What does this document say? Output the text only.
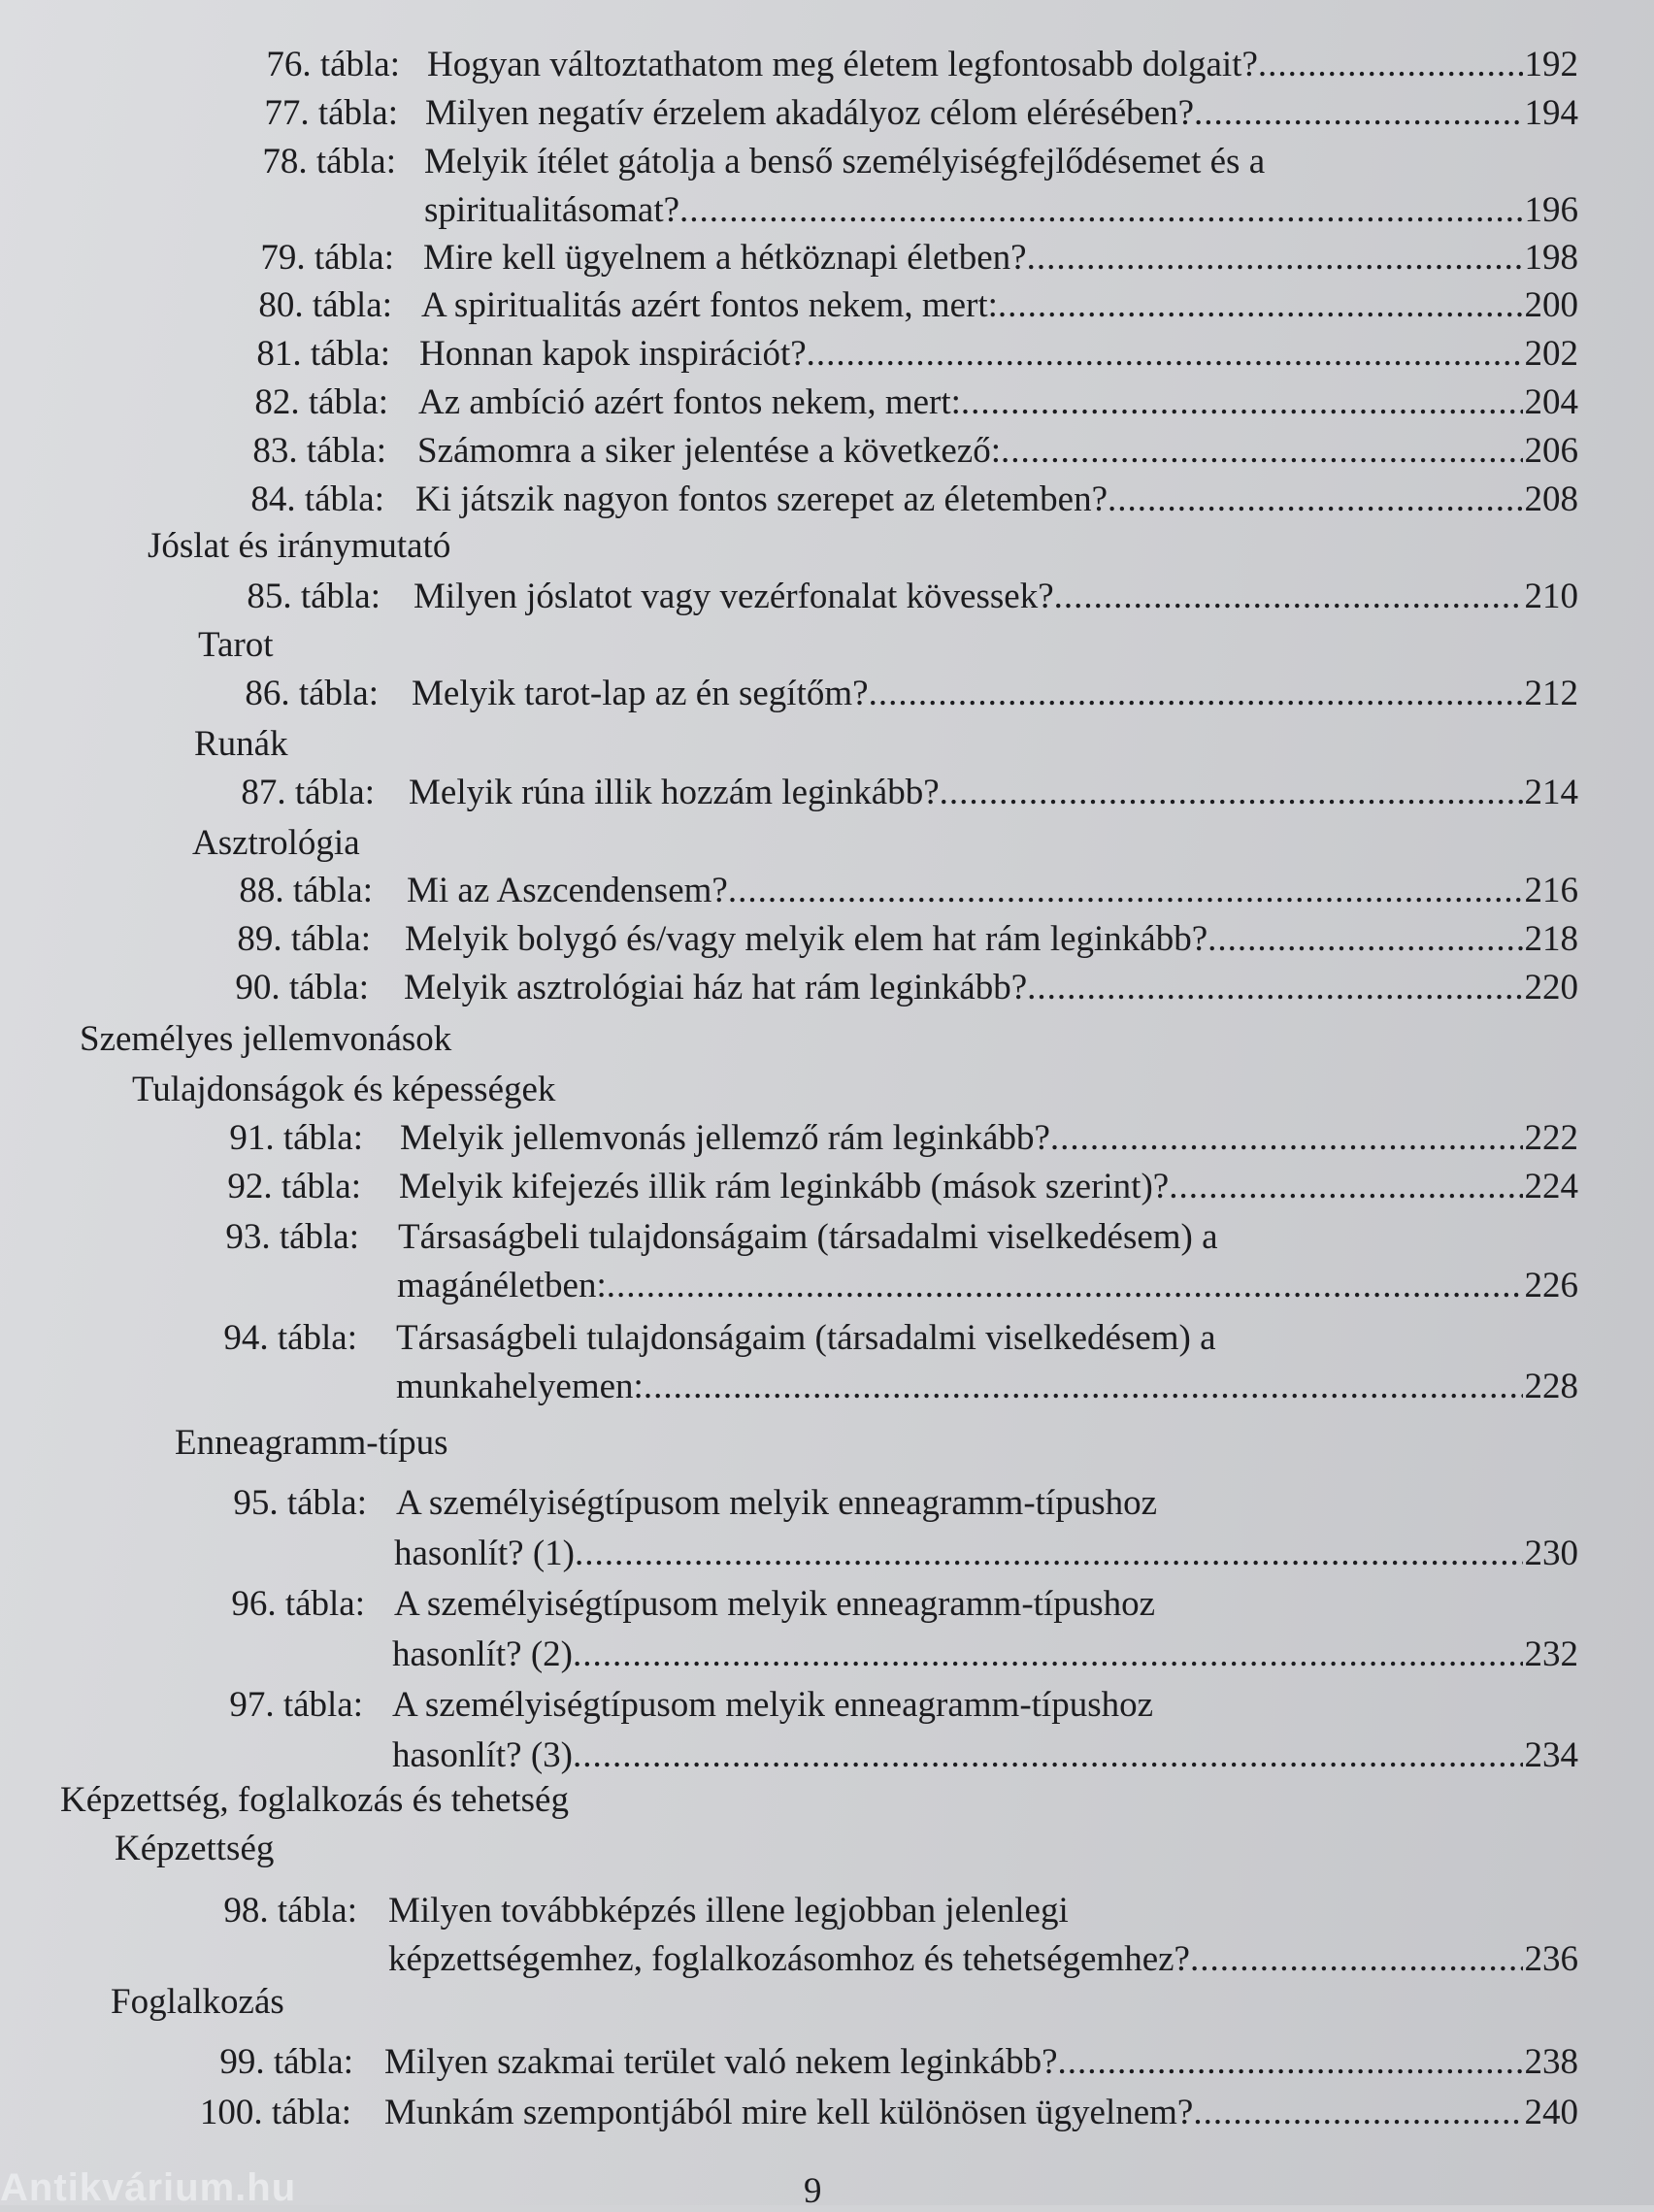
76. tábla: Hogyan változtathatom meg életem legfontosabb dolgait? .....	192
77. tábla: Milyen negatív érzelem akadályoz célom elérésében? .....	194
78. tábla: Melyik ítélet gátolja a benső személyiségfejlődésemet és a
spiritualitásomat? .....	196
79. tábla: Mire kell ügyelnem a hétköznapi életben? .....	198
80. tábla: A spiritualitás azért fontos nekem, mert: .....	200
81. tábla: Honnan kapok inspirációt? .....	202
82. tábla: Az ambíció azért fontos nekem, mert: .....	204
83. tábla: Számomra a siker jelentése a következő: .....	206
84. tábla: Ki játszik nagyon fontos szerepet az életemben? .....	208
Jóslat és iránymutató
85. tábla: Milyen jóslatot vagy vezérfonalat kövessek? .....	210
Tarot
86. tábla: Melyik tarot-lap az én segítőm? .....	212
Runák
87. tábla: Melyik rúna illik hozzám leginkább? .....	214
Asztrológia
88. tábla: Mi az Aszcendensem? .....	216
89. tábla: Melyik bolygó és/vagy melyik elem hat rám leginkább? .....	218
90. tábla: Melyik asztrológiai ház hat rám leginkább? .....	220
Személyes jellemvonások
Tulajdonságok és képességek
91. tábla: Melyik jellemvonás jellemző rám leginkább? .....	222
92. tábla: Melyik kifejezés illik rám leginkább (mások szerint)? .....	224
93. tábla: Társaságbeli tulajdonságaim (társadalmi viselkedésem) a
magánéletben: .....	226
94. tábla: Társaságbeli tulajdonságaim (társadalmi viselkedésem) a
munkahelyemen: .....	228
Enneagramm-típus
95. tábla: A személyiségtípusom melyik enneagramm-típushoz
hasonlít? (1) .....	230
96. tábla: A személyiségtípusom melyik enneagramm-típushoz
hasonlít? (2) .....	232
97. tábla: A személyiségtípusom melyik enneagramm-típushoz
hasonlít? (3) .....	234
Képzettség, foglalkozás és tehetség
Képzettség
98. tábla: Milyen továbbképzés illene legjobban jelenlegi
képzettségemhez, foglalkozásomhoz és tehetségemhez? .....	236
Foglalkozás
99. tábla: Milyen szakmai terület való nekem leginkább? .....	238
100. tábla: Munkám szempontjából mire kell különösen ügyelnem? .....	240
Antikvárium.hu	9
